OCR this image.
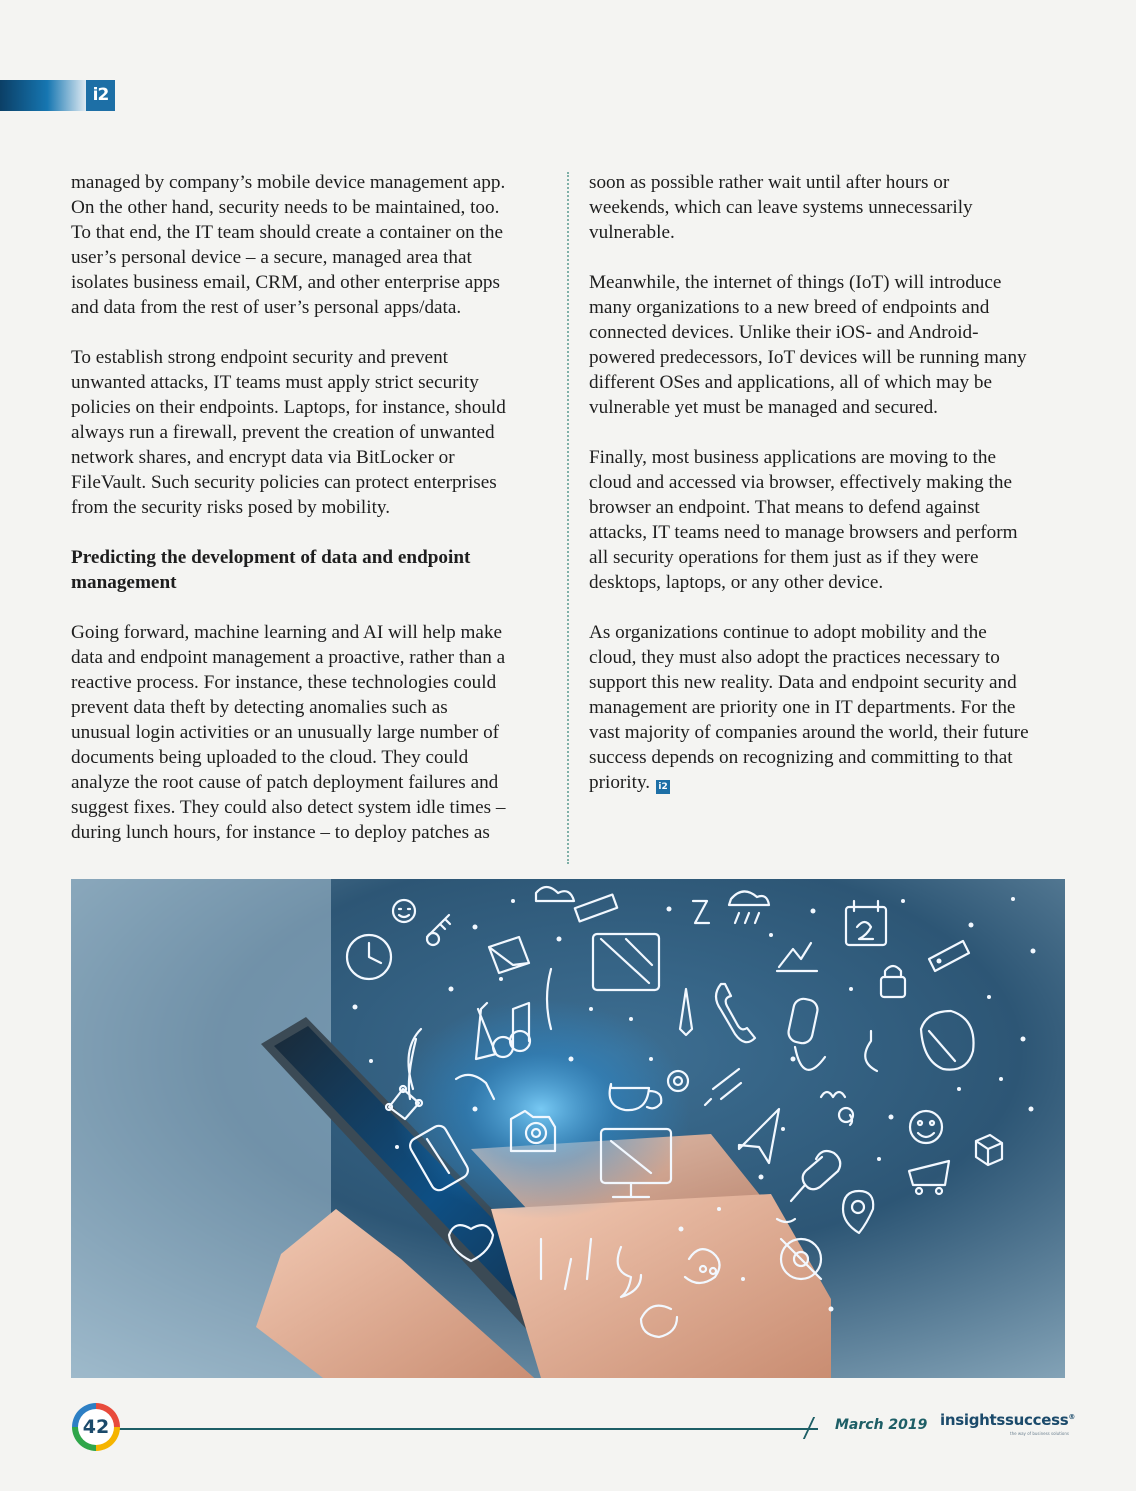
i2

managed by company’s mobile device management app.
On the other hand, security needs to be maintained, too.
To that end, the IT team should create a container on the
user’s personal device – a secure, managed area that
isolates business email, CRM, and other enterprise apps
and data from the rest of user’s personal apps/data.

To establish strong endpoint security and prevent
unwanted attacks, IT teams must apply strict security
policies on their endpoints. Laptops, for instance, should
always run a firewall, prevent the creation of unwanted
network shares, and encrypt data via BitLocker or
FileVault. Such security policies can protect enterprises
from the security risks posed by mobility.

Predicting the development of data and endpoint
management

Going forward, machine learning and AI will help make
data and endpoint management a proactive, rather than a
reactive process. For instance, these technologies could
prevent data theft by detecting anomalies such as
unusual login activities or an unusually large number of
documents being uploaded to the cloud. They could
analyze the root cause of patch deployment failures and
suggest fixes. They could also detect system idle times –
during lunch hours, for instance – to deploy patches as

soon as possible rather wait until after hours or
weekends, which can leave systems unnecessarily
vulnerable.

Meanwhile, the internet of things (IoT) will introduce
many organizations to a new breed of endpoints and
connected devices. Unlike their iOS- and Android-
powered predecessors, IoT devices will be running many
different OSes and applications, all of which may be
vulnerable yet must be managed and secured.

Finally, most business applications are moving to the
cloud and accessed via browser, effectively making the
browser an endpoint. That means to defend against
attacks, IT teams need to manage browsers and perform
all security operations for them just as if they were
desktops, laptops, or any other device.

As organizations continue to adopt mobility and the
cloud, they must also adopt the practices necessary to
support this new reality. Data and endpoint security and
management are priority one in IT departments. For the
vast majority of companies around the world, their future
success depends on recognizing and committing to that
priority. i2

42	March 2019 insightssuccess®
the way of business solutions
